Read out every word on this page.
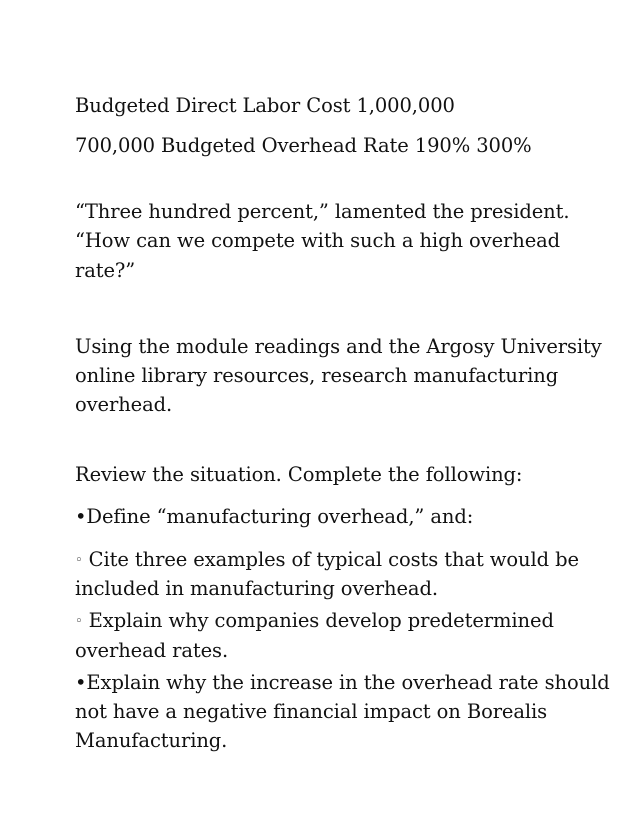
Budgeted Direct Labor Cost 1,000,000
700,000 Budgeted Overhead Rate 190% 300%
“Three hundred percent,” lamented the president.
“How can we compete with such a high overhead
rate?”
Using the module readings and the Argosy University
online library resources, research manufacturing
overhead.
Review the situation. Complete the following:
•Define “manufacturing overhead,” and:
◦ Cite three examples of typical costs that would be
included in manufacturing overhead.
◦ Explain why companies develop predetermined
overhead rates.
•Explain why the increase in the overhead rate should
not have a negative financial impact on Borealis
Manufacturing.
